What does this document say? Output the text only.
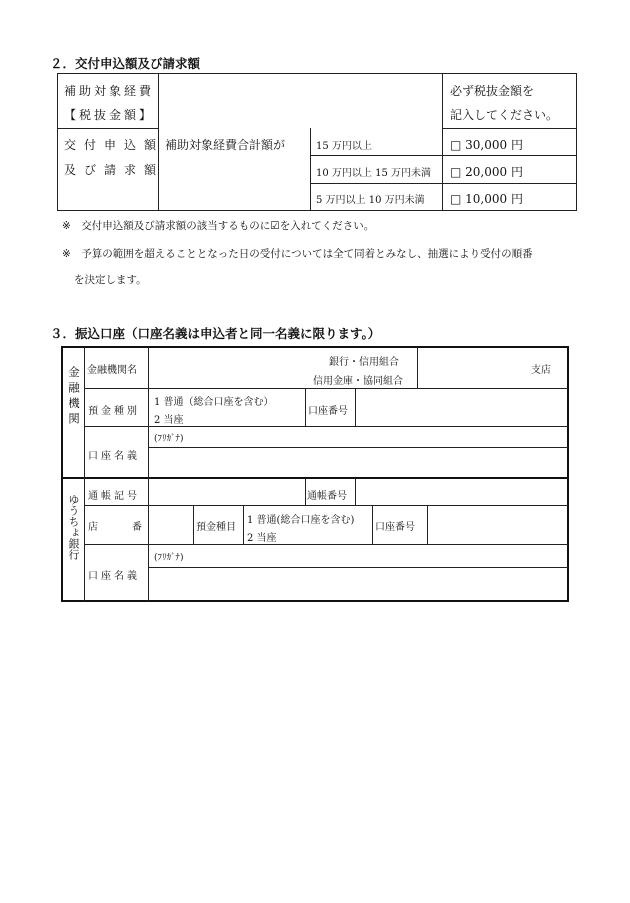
２．交付申込額及び請求額
補助対象経費
【税抜金額】
必ず税抜金額を
記入してください。
交付申込額
及び請求額
補助対象経費合計額が	15 万円以上
10 万円以上 15 万円未満
5 万円以上 10 万円未満
□ 30,000 円
□ 20,000 円
□ 10,000 円
※　交付申込額及び請求額の該当するものに☑を入れてください。
※　予算の範囲を超えることとなった日の受付については全て同着とみなし、抽選により受付の順番
を決定します。
３．振込口座（口座名義は申込者と同一名義に限ります。）
金融機関 金融機関名
銀行・信用組合
信用金庫・協同組合
支店
預金種別
1 普通（総合口座を含む）
2 当座
口座番号
(ﾌﾘｶﾞﾅ)
口座名義
ゆうちょ銀行 通帳記号	通帳番号
店番 預金種目
1 普通(総合口座を含む)
2 当座
口座番号
(ﾌﾘｶﾞﾅ)
口座名義
